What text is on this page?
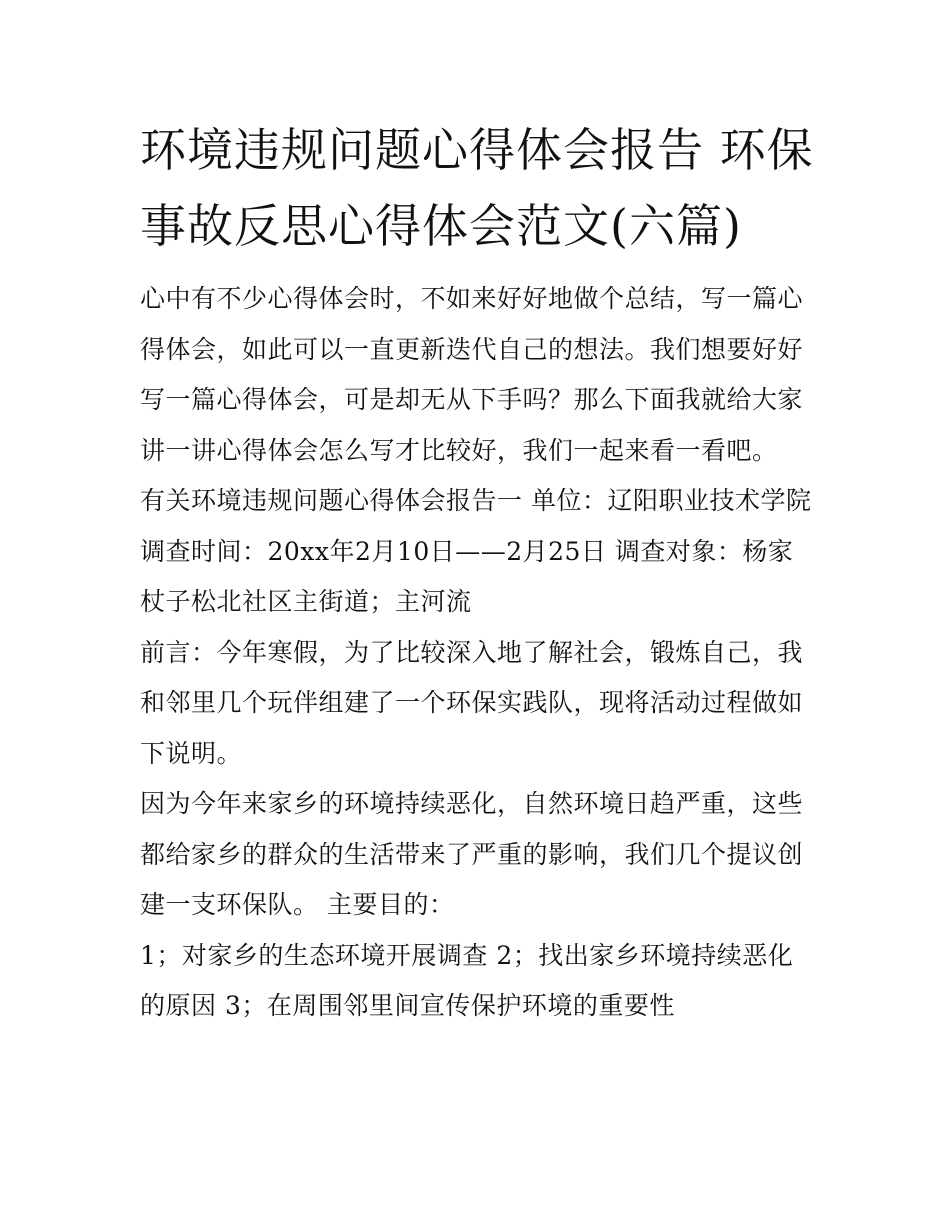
环境违规问题心得体会报告 环保事故反思心得体会范文(六篇)

心中有不少心得体会时，不如来好好地做个总结，写一篇心得体会，如此可以一直更新迭代自己的想法。我们想要好好写一篇心得体会，可是却无从下手吗？那么下面我就给大家讲一讲心得体会怎么写才比较好，我们一起来看一看吧。

有关环境违规问题心得体会报告一 单位：辽阳职业技术学院

调查时间：20xx年2月10日——2月25日 调查对象：杨家杖子松北社区主街道；主河流

前言：今年寒假，为了比较深入地了解社会，锻炼自己，我和邻里几个玩伴组建了一个环保实践队，现将活动过程做如下说明。

因为今年来家乡的环境持续恶化，自然环境日趋严重，这些都给家乡的群众的生活带来了严重的影响，我们几个提议创建一支环保队。 主要目的：

1；对家乡的生态环境开展调查 2；找出家乡环境持续恶化的原因 3；在周围邻里间宣传保护环境的重要性
